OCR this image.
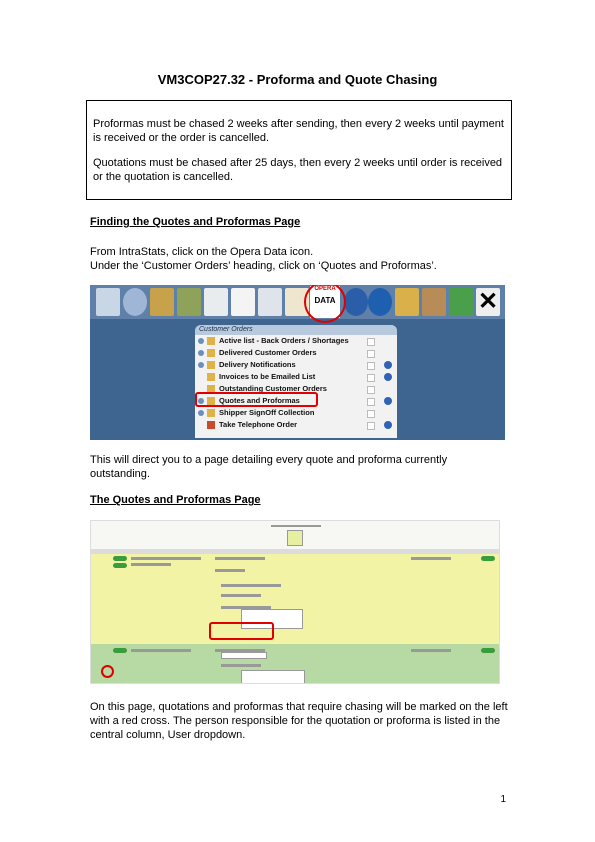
VM3COP27.32 - Proforma and Quote Chasing

Proformas must be chased 2 weeks after sending, then every 2 weeks until payment is received or the order is cancelled.

Quotations must be chased after 25 days, then every 2 weeks until order is received or the quotation is cancelled.

Finding the Quotes and Proformas Page
From IntraStats, click on the Opera Data icon.
Under the ‘Customer Orders’ heading, click on ‘Quotes and Proformas’.
OPERA
DATA	✕
Customer Orders
Active list - Back Orders / Shortages
Delivered Customer Orders
Delivery Notifications
Invoices to be Emailed List
Outstanding Customer Orders
Quotes and Proformas
Shipper SignOff Collection
Take Telephone Order
This will direct you to a page detailing every quote and proforma currently outstanding.
The Quotes and Proformas Page
On this page, quotations and proformas that require chasing will be marked on the left with a red cross. The person responsible for the quotation or proforma is listed in the central column, User dropdown.
1
